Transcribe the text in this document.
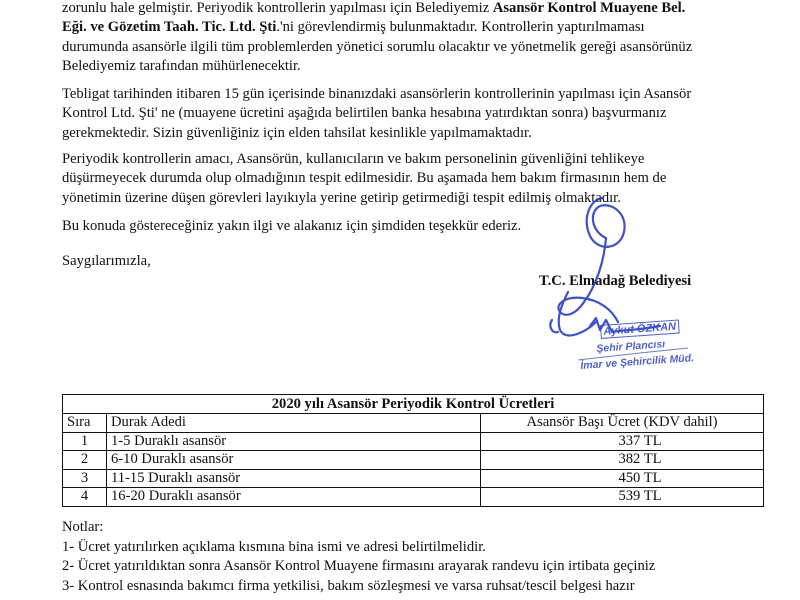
zorunlu hale gelmiştir. Periyodik kontrollerin yapılması için Belediyemiz Asansör Kontrol Muayene Bel.
Eği. ve Gözetim Taah. Tic. Ltd. Şti.'ni görevlendirmiş bulunmaktadır. Kontrollerin yaptırılmaması
durumunda asansörle ilgili tüm problemlerden yönetici sorumlu olacaktır ve yönetmelik gereği asansörünüz
Belediyemiz tarafından mühürlenecektir.

Tebligat tarihinden itibaren 15 gün içerisinde binanızdaki asansörlerin kontrollerinin yapılması için Asansör
Kontrol Ltd. Şti' ne (muayene ücretini aşağıda belirtilen banka hesabına yatırdıktan sonra) başvurmanız
gerekmektedir. Sizin güvenliğiniz için elden tahsilat kesinlikle yapılmamaktadır.

Periyodik kontrollerin amacı, Asansörün, kullanıcıların ve bakım personelinin güvenliğini tehlikeye
düşürmeyecek durumda olup olmadığının tespit edilmesidir. Bu aşamada hem bakım firmasının hem de
yönetimin üzerine düşen görevleri layıkıyla yerine getirip getirmediği tespit edilmiş olmaktadır.

Bu konuda göstereceğiniz yakın ilgi ve alakanız için şimdiden teşekkür ederiz.

Saygılarımızla,
T.C. Elmadağ Belediyesi
Aykut ÖZKAN
Şehir Plancısı
İmar ve Şehircilik Müd.
2020 yılı Asansör Periyodik Kontrol Ücretleri		
Sıra	Durak Adedi	Asansör Başı Ücret (KDV dahil)
1	1-5 Duraklı asansör	337 TL
2	6-10 Duraklı asansör	382 TL
3	11-15 Duraklı asansör	450 TL
4	16-20 Duraklı asansör	539 TL
Notlar:
1- Ücret yatırılırken açıklama kısmına bina ismi ve adresi belirtilmelidir.
2- Ücret yatırıldıktan sonra Asansör Kontrol Muayene firmasını arayarak randevu için irtibata geçiniz
3- Kontrol esnasında bakımcı firma yetkilisi, bakım sözleşmesi ve varsa ruhsat/tescil belgesi hazır
